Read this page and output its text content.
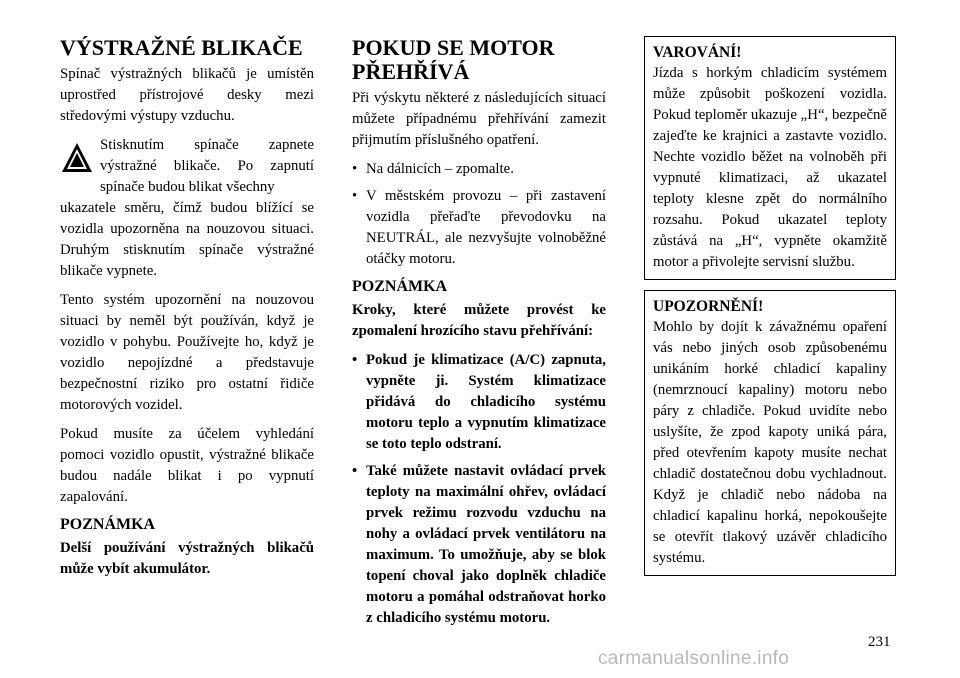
VÝSTRAŽNÉ BLIKAČE

Spínač výstražných blikačů je umístěn uprostřed přístrojové desky mezi středovými výstupy vzduchu.

Stisknutím spínače zapnete výstražné blikače. Po zapnutí spínače budou blikat všechny

ukazatele směru, čímž budou blížící se vozidla upozorněna na nouzovou situaci. Druhým stisknutím spínače výstražné blikače vypnete.

Tento systém upozornění na nouzovou situaci by neměl být používán, když je vozidlo v pohybu. Používejte ho, když je vozidlo nepojízdné a představuje bezpečnostní riziko pro ostatní řidiče motorových vozidel.

Pokud musíte za účelem vyhledání pomoci vozidlo opustit, výstražné blikače budou nadále blikat i po vypnutí zapalování.

POZNÁMKA

Delší používání výstražných blikačů může vybít akumulátor.

POKUD SE MOTOR PŘEHŘÍVÁ

Při výskytu některé z následujících situací můžete případnému přehřívání zamezit přijmutím příslušného opatření.

• Na dálnicích – zpomalte.
• V městském provozu – při zastavení vozidla přeřaďte převodovku na NEUTRÁL, ale nezvyšujte volnoběžné otáčky motoru.
POZNÁMKA

Kroky, které můžete provést ke zpomalení hrozícího stavu přehřívání:

• Pokud je klimatizace (A/C) zapnuta, vypněte ji. Systém klimatizace přidává do chladicího systému motoru teplo a vypnutím klimatizace se toto teplo odstraní.
• Také můžete nastavit ovládací prvek teploty na maximální ohřev, ovládací prvek režimu rozvodu vzduchu na nohy a ovládací prvek ventilátoru na maximum. To umožňuje, aby se blok topení choval jako doplněk chladiče motoru a pomáhal odstraňovat horko z chladicího systému motoru.
VAROVÁNÍ!

Jízda s horkým chladicím systémem může způsobit poškození vozidla. Pokud teploměr ukazuje „H“, bezpečně zajeďte ke krajnici a zastavte vozidlo. Nechte vozidlo běžet na volnoběh při vypnuté klimatizaci, až ukazatel teploty klesne zpět do normálního rozsahu. Pokud ukazatel teploty zůstává na „H“, vypněte okamžitě motor a přivolejte servisní službu.

UPOZORNĚNÍ!

Mohlo by dojít k závažnému opaření vás nebo jiných osob způsobenému unikáním horké chladicí kapaliny (nemrznoucí kapaliny) motoru nebo páry z chladiče. Pokud uvidíte nebo uslyšíte, že zpod kapoty uniká pára, před otevřením kapoty musíte nechat chladič dostatečnou dobu vychladnout. Když je chladič nebo nádoba na chladicí kapalinu horká, nepokoušejte se otevřít tlakový uzávěr chladicího systému.

231
carmanualsonline.info
